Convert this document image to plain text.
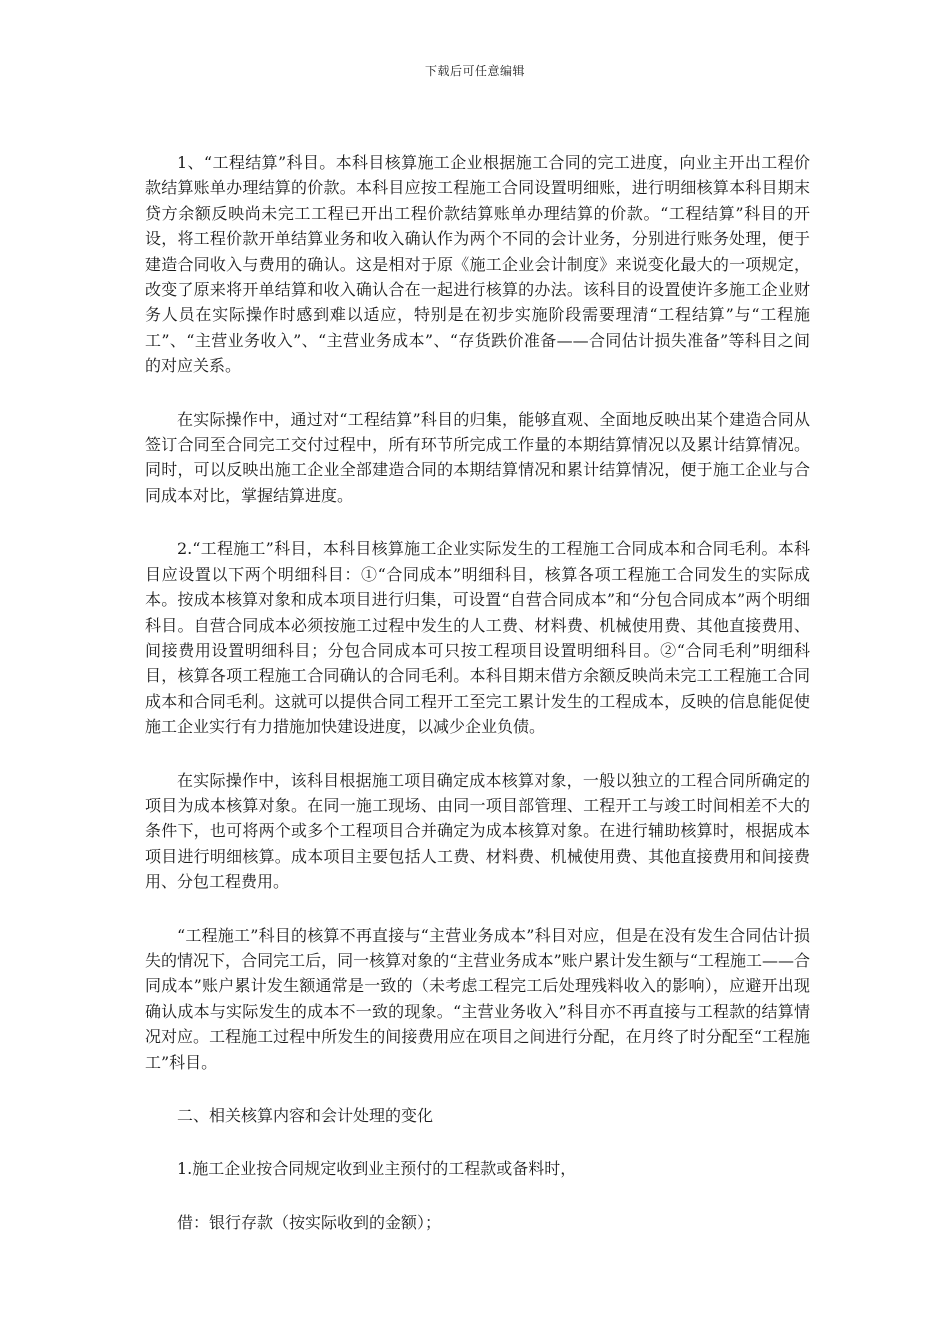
下载后可任意编辑

1、“工程结算”科目。本科目核算施工企业根据施工合同的完工进度，向业主开出工程价款结算账单办理结算的价款。本科目应按工程施工合同设置明细账，进行明细核算本科目期末贷方余额反映尚未完工工程已开出工程价款结算账单办理结算的价款。“工程结算”科目的开设，将工程价款开单结算业务和收入确认作为两个不同的会计业务，分别进行账务处理，便于建造合同收入与费用的确认。这是相对于原《施工企业会计制度》来说变化最大的一项规定，改变了原来将开单结算和收入确认合在一起进行核算的办法。该科目的设置使许多施工企业财务人员在实际操作时感到难以适应，特别是在初步实施阶段需要理清“工程结算”与“工程施工”、“主营业务收入”、“主营业务成本”、“存货跌价准备——合同估计损失准备”等科目之间的对应关系。

在实际操作中，通过对“工程结算”科目的归集，能够直观、全面地反映出某个建造合同从签订合同至合同完工交付过程中，所有环节所完成工作量的本期结算情况以及累计结算情况。同时，可以反映出施工企业全部建造合同的本期结算情况和累计结算情况，便于施工企业与合同成本对比，掌握结算进度。

2.“工程施工”科目，本科目核算施工企业实际发生的工程施工合同成本和合同毛利。本科目应设置以下两个明细科目：①“合同成本”明细科目，核算各项工程施工合同发生的实际成本。按成本核算对象和成本项目进行归集，可设置“自营合同成本”和“分包合同成本”两个明细科目。自营合同成本必须按施工过程中发生的人工费、材料费、机械使用费、其他直接费用、间接费用设置明细科目；分包合同成本可只按工程项目设置明细科目。②“合同毛利”明细科目，核算各项工程施工合同确认的合同毛利。本科目期末借方余额反映尚未完工工程施工合同成本和合同毛利。这就可以提供合同工程开工至完工累计发生的工程成本，反映的信息能促使施工企业实行有力措施加快建设进度，以减少企业负债。

在实际操作中，该科目根据施工项目确定成本核算对象，一般以独立的工程合同所确定的项目为成本核算对象。在同一施工现场、由同一项目部管理、工程开工与竣工时间相差不大的条件下，也可将两个或多个工程项目合并确定为成本核算对象。在进行辅助核算时，根据成本项目进行明细核算。成本项目主要包括人工费、材料费、机械使用费、其他直接费用和间接费用、分包工程费用。

“工程施工”科目的核算不再直接与“主营业务成本”科目对应，但是在没有发生合同估计损失的情况下，合同完工后，同一核算对象的“主营业务成本”账户累计发生额与“工程施工——合同成本”账户累计发生额通常是一致的（未考虑工程完工后处理残料收入的影响），应避开出现确认成本与实际发生的成本不一致的现象。“主营业务收入”科目亦不再直接与工程款的结算情况对应。工程施工过程中所发生的间接费用应在项目之间进行分配，在月终了时分配至“工程施工”科目。

二、相关核算内容和会计处理的变化

1.施工企业按合同规定收到业主预付的工程款或备料时，

借：银行存款（按实际收到的金额）；
